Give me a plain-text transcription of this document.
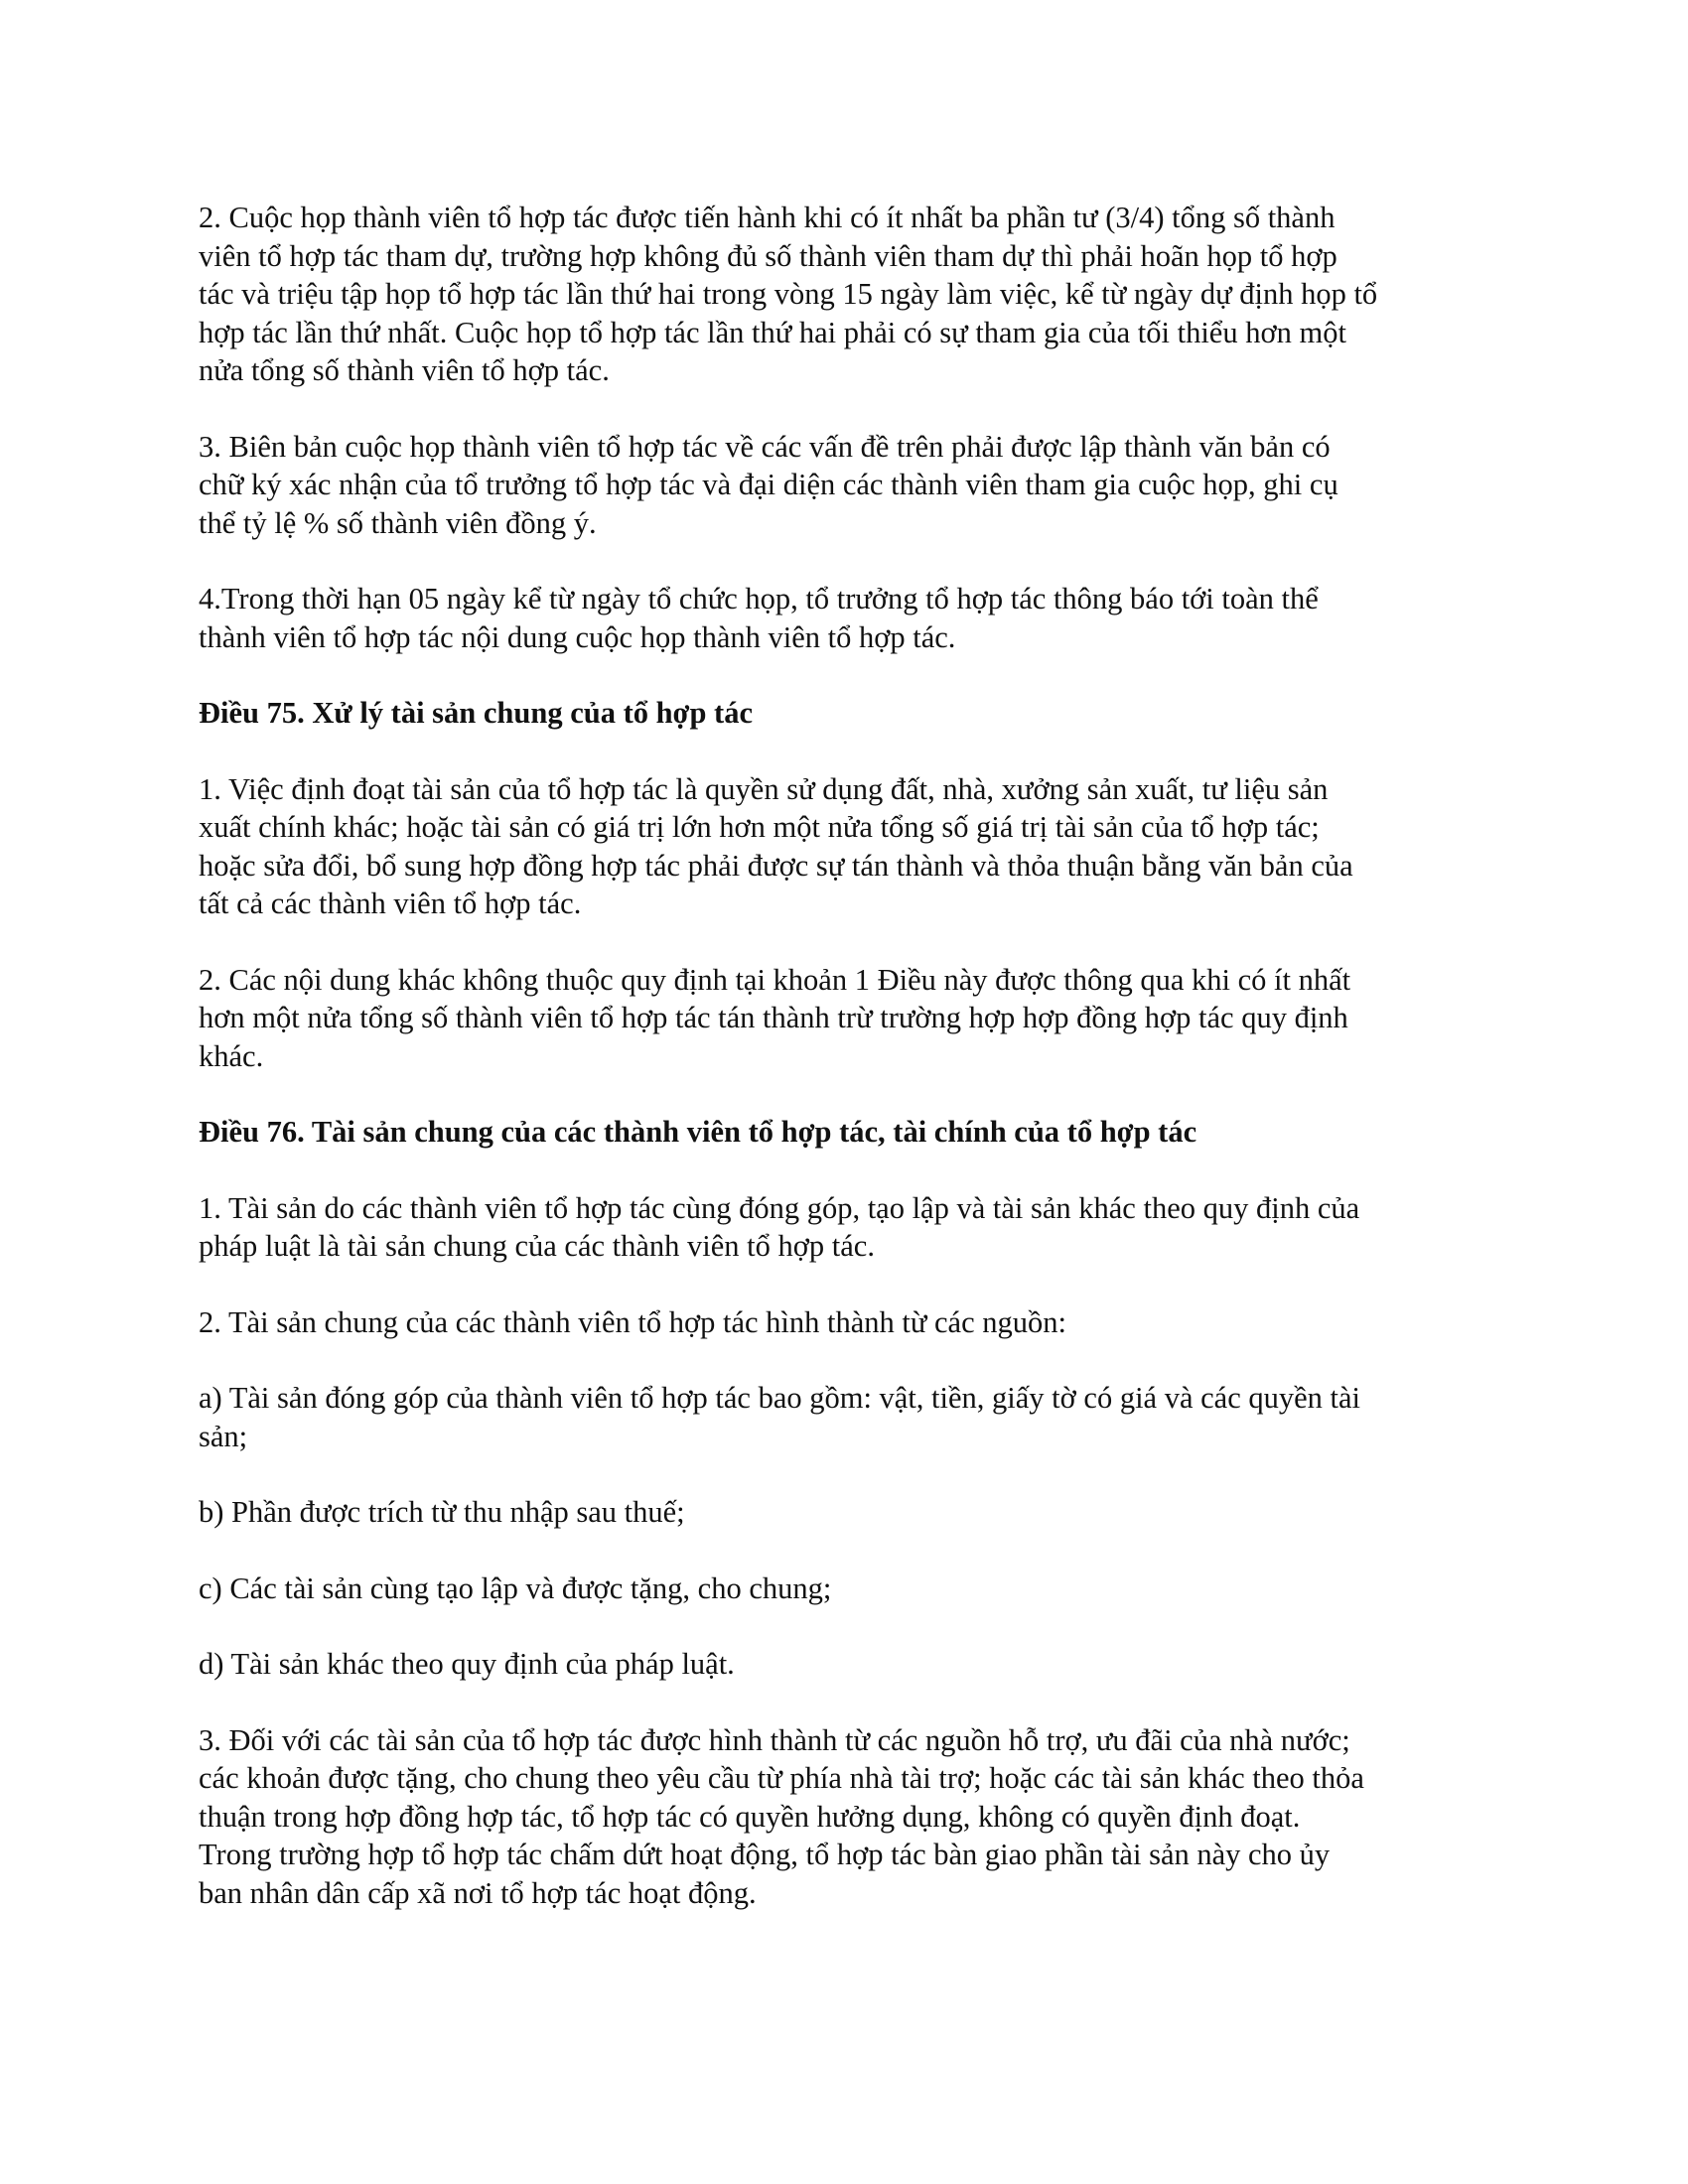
2. Cuộc họp thành viên tổ hợp tác được tiến hành khi có ít nhất ba phần tư (3/4) tổng số thành
viên tổ hợp tác tham dự, trường hợp không đủ số thành viên tham dự thì phải hoãn họp tổ hợp
tác và triệu tập họp tổ hợp tác lần thứ hai trong vòng 15 ngày làm việc, kể từ ngày dự định họp tổ
hợp tác lần thứ nhất. Cuộc họp tổ hợp tác lần thứ hai phải có sự tham gia của tối thiểu hơn một
nửa tổng số thành viên tổ hợp tác.
3. Biên bản cuộc họp thành viên tổ hợp tác về các vấn đề trên phải được lập thành văn bản có
chữ ký xác nhận của tổ trưởng tổ hợp tác và đại diện các thành viên tham gia cuộc họp, ghi cụ
thể tỷ lệ % số thành viên đồng ý.
4.Trong thời hạn 05 ngày kể từ ngày tổ chức họp, tổ trưởng tổ hợp tác thông báo tới toàn thể
thành viên tổ hợp tác nội dung cuộc họp thành viên tổ hợp tác.
Điều 75. Xử lý tài sản chung của tổ hợp tác
1. Việc định đoạt tài sản của tổ hợp tác là quyền sử dụng đất, nhà, xưởng sản xuất, tư liệu sản
xuất chính khác; hoặc tài sản có giá trị lớn hơn một nửa tổng số giá trị tài sản của tổ hợp tác;
hoặc sửa đổi, bổ sung hợp đồng hợp tác phải được sự tán thành và thỏa thuận bằng văn bản của
tất cả các thành viên tổ hợp tác.
2. Các nội dung khác không thuộc quy định tại khoản 1 Điều này được thông qua khi có ít nhất
hơn một nửa tổng số thành viên tổ hợp tác tán thành trừ trường hợp hợp đồng hợp tác quy định
khác.
Điều 76. Tài sản chung của các thành viên tổ hợp tác, tài chính của tổ hợp tác
1. Tài sản do các thành viên tổ hợp tác cùng đóng góp, tạo lập và tài sản khác theo quy định của
pháp luật là tài sản chung của các thành viên tổ hợp tác.
2. Tài sản chung của các thành viên tổ hợp tác hình thành từ các nguồn:
a) Tài sản đóng góp của thành viên tổ hợp tác bao gồm: vật, tiền, giấy tờ có giá và các quyền tài
sản;
b) Phần được trích từ thu nhập sau thuế;
c) Các tài sản cùng tạo lập và được tặng, cho chung;
d) Tài sản khác theo quy định của pháp luật.
3. Đối với các tài sản của tổ hợp tác được hình thành từ các nguồn hỗ trợ, ưu đãi của nhà nước;
các khoản được tặng, cho chung theo yêu cầu từ phía nhà tài trợ; hoặc các tài sản khác theo thỏa
thuận trong hợp đồng hợp tác, tổ hợp tác có quyền hưởng dụng, không có quyền định đoạt.
Trong trường hợp tổ hợp tác chấm dứt hoạt động, tổ hợp tác bàn giao phần tài sản này cho ủy
ban nhân dân cấp xã nơi tổ hợp tác hoạt động.
